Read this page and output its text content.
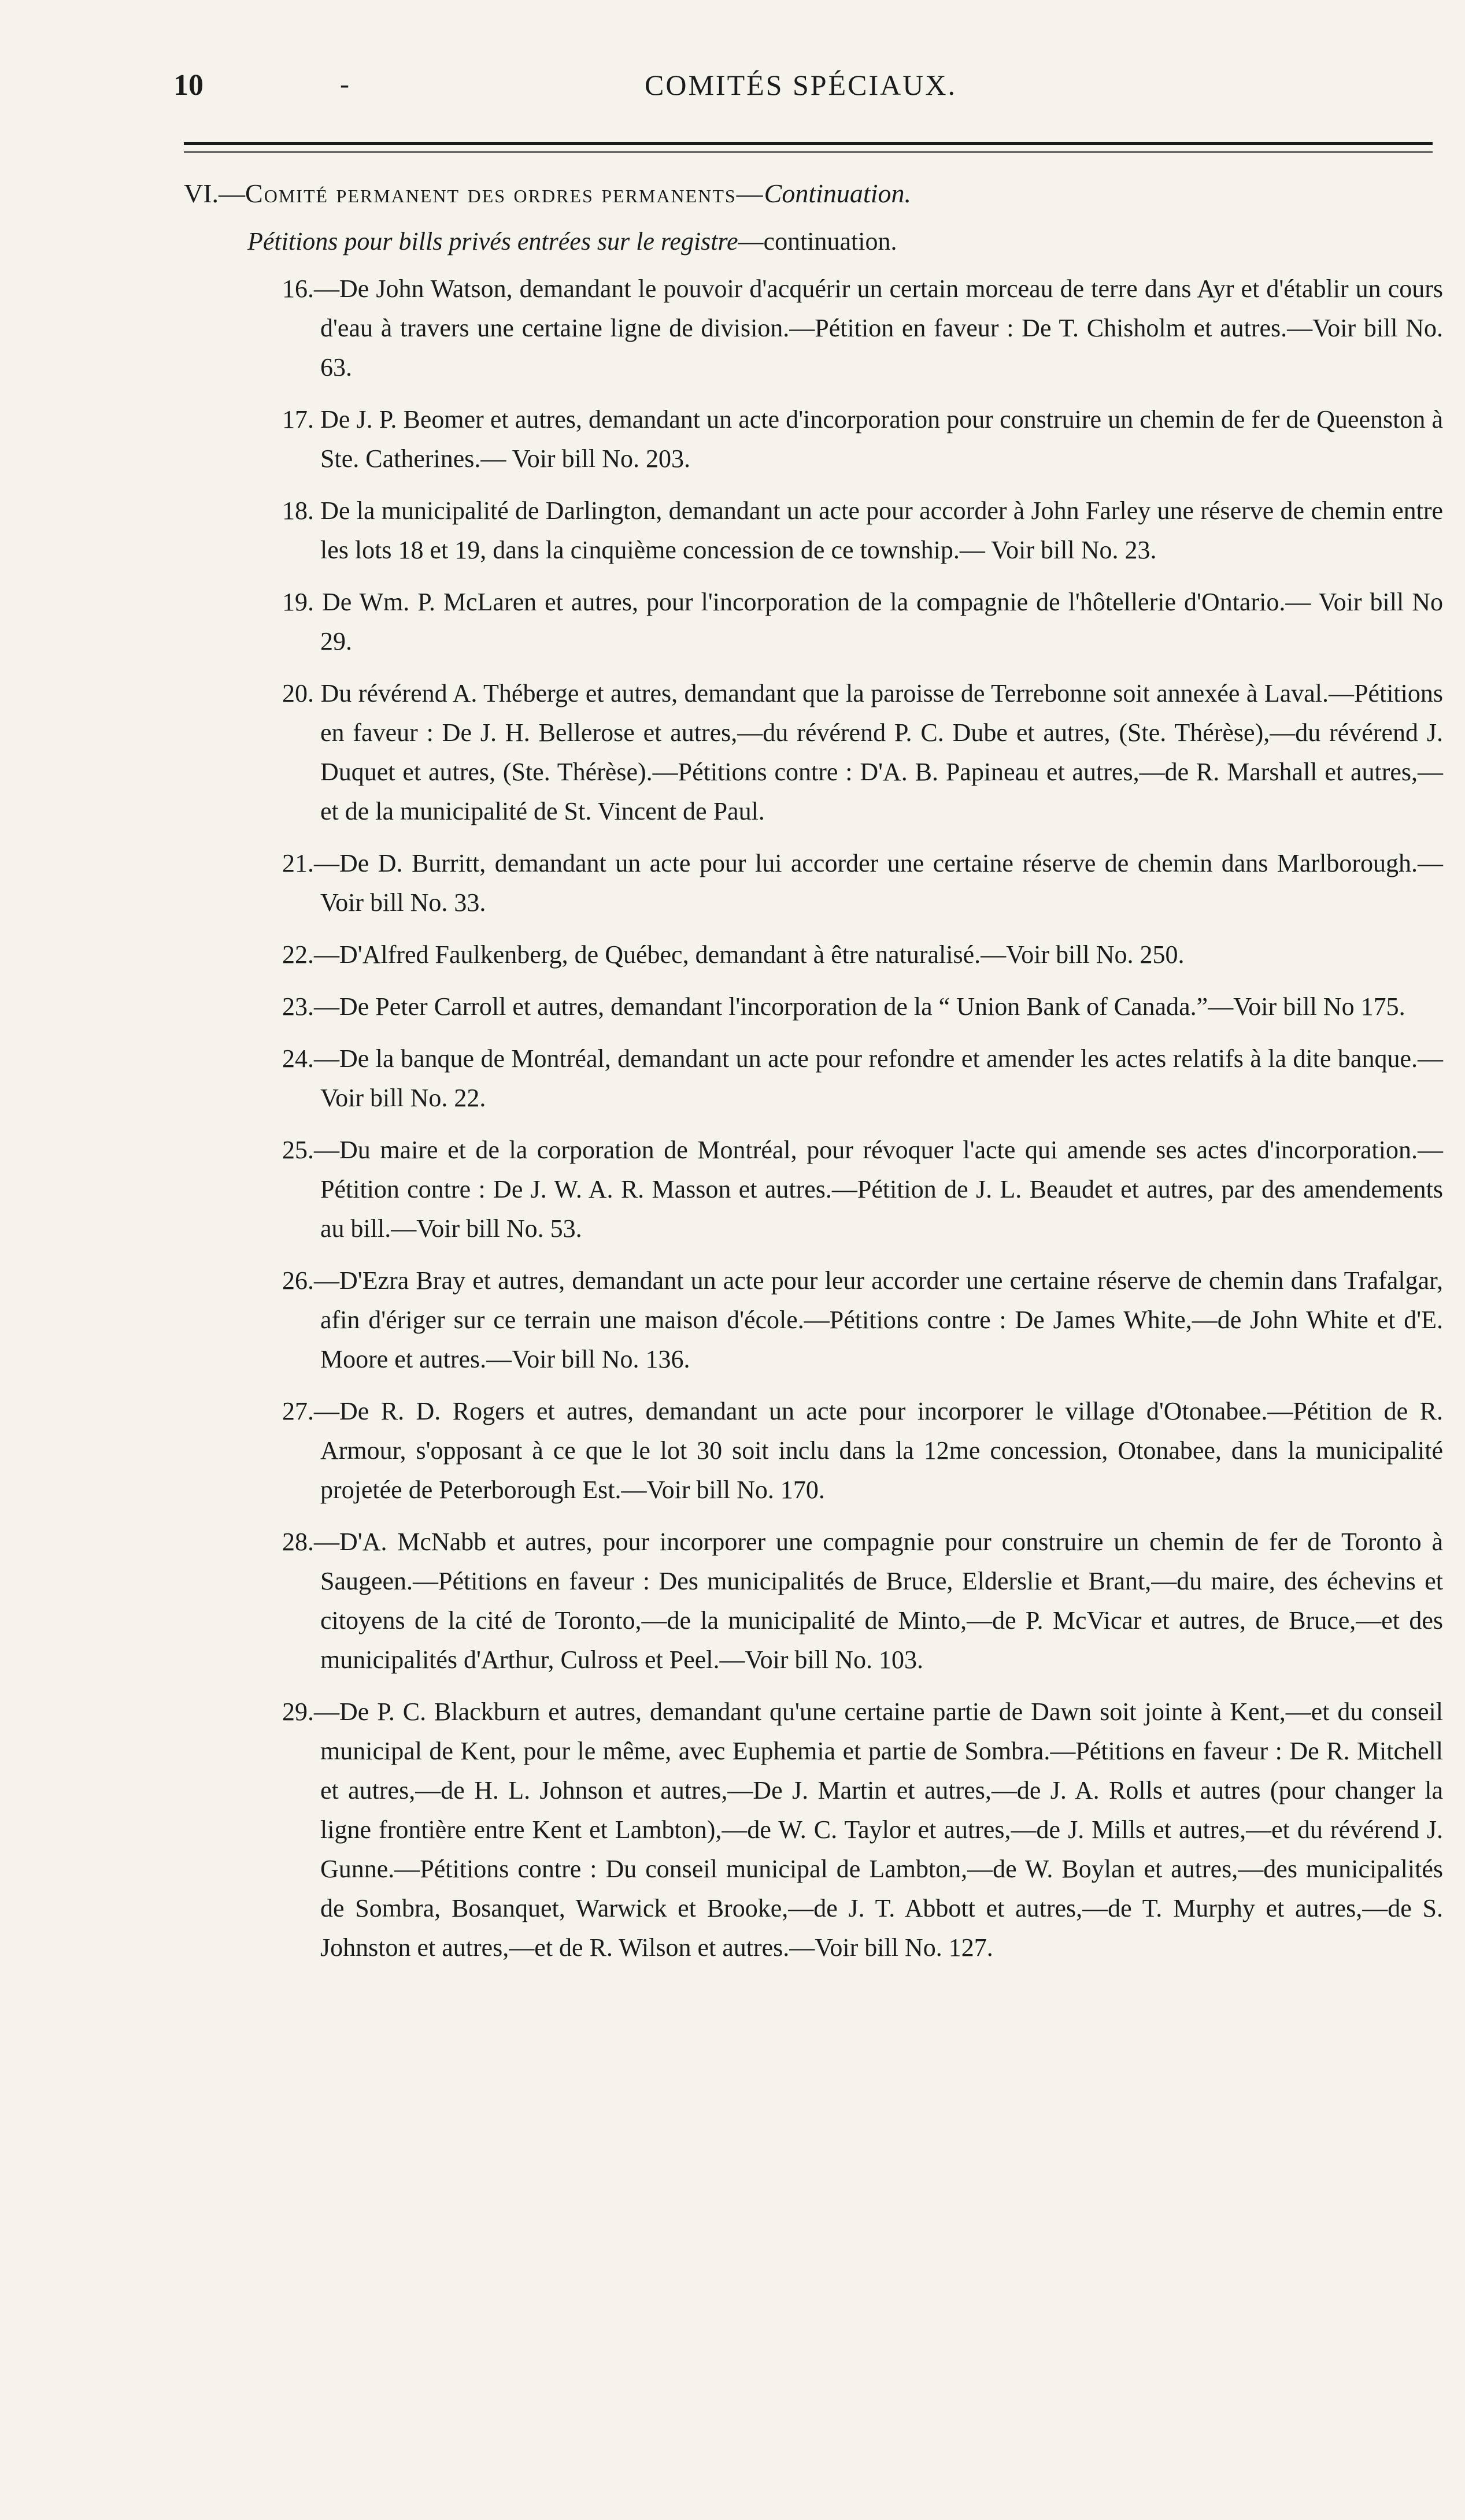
10	-	COMITÉS SPÉCIAUX.
VI.—Comité permanent des ordres permanents—Continuation.
Pétitions pour bills privés entrées sur le registre—continuation.

16.—De John Watson, demandant le pouvoir d'acquérir un certain morceau de terre dans Ayr et d'établir un cours d'eau à travers une certaine ligne de division.—Pétition en faveur : De T. Chisholm et autres.—Voir bill No. 63.

17. De J. P. Beomer et autres, demandant un acte d'incorporation pour construire un chemin de fer de Queenston à Ste. Catherines.— Voir bill No. 203.

18. De la municipalité de Darlington, demandant un acte pour accorder à John Farley une réserve de chemin entre les lots 18 et 19, dans la cinquième concession de ce township.— Voir bill No. 23.

19. De Wm. P. McLaren et autres, pour l'incorporation de la compagnie de l'hôtellerie d'Ontario.— Voir bill No 29.

20. Du révérend A. Théberge et autres, demandant que la paroisse de Terrebonne soit annexée à Laval.—Pétitions en faveur : De J. H. Bellerose et autres,—du révérend P. C. Dube et autres, (Ste. Thérèse),—du révérend J. Duquet et autres, (Ste. Thérèse).—Pétitions contre : D'A. B. Papineau et autres,—de R. Marshall et autres,—et de la municipalité de St. Vincent de Paul.

21.—De D. Burritt, demandant un acte pour lui accorder une certaine réserve de chemin dans Marlborough.—Voir bill No. 33.

22.—D'Alfred Faulkenberg, de Québec, demandant à être naturalisé.—Voir bill No. 250.

23.—De Peter Carroll et autres, demandant l'incorporation de la “ Union Bank of Canada.”—Voir bill No 175.

24.—De la banque de Montréal, demandant un acte pour refondre et amender les actes relatifs à la dite banque.—Voir bill No. 22.

25.—Du maire et de la corporation de Montréal, pour révoquer l'acte qui amende ses actes d'incorporation.—Pétition contre : De J. W. A. R. Masson et autres.—Pétition de J. L. Beaudet et autres, par des amendements au bill.—Voir bill No. 53.

26.—D'Ezra Bray et autres, demandant un acte pour leur accorder une certaine réserve de chemin dans Trafalgar, afin d'ériger sur ce terrain une maison d'école.—Pétitions contre : De James White,—de John White et d'E. Moore et autres.—Voir bill No. 136.

27.—De R. D. Rogers et autres, demandant un acte pour incorporer le village d'Otonabee.—Pétition de R. Armour, s'opposant à ce que le lot 30 soit inclu dans la 12me concession, Otonabee, dans la municipalité projetée de Peterborough Est.—Voir bill No. 170.

28.—D'A. McNabb et autres, pour incorporer une compagnie pour construire un chemin de fer de Toronto à Saugeen.—Pétitions en faveur : Des municipalités de Bruce, Elderslie et Brant,—du maire, des échevins et citoyens de la cité de Toronto,—de la municipalité de Minto,—de P. McVicar et autres, de Bruce,—et des municipalités d'Arthur, Culross et Peel.—Voir bill No. 103.

29.—De P. C. Blackburn et autres, demandant qu'une certaine partie de Dawn soit jointe à Kent,—et du conseil municipal de Kent, pour le même, avec Euphemia et partie de Sombra.—Pétitions en faveur : De R. Mitchell et autres,—de H. L. Johnson et autres,—De J. Martin et autres,—de J. A. Rolls et autres (pour changer la ligne frontière entre Kent et Lambton),—de W. C. Taylor et autres,—de J. Mills et autres,—et du révérend J. Gunne.—Pétitions contre : Du conseil municipal de Lambton,—de W. Boylan et autres,—des municipalités de Sombra, Bosanquet, Warwick et Brooke,—de J. T. Abbott et autres,—de T. Murphy et autres,—de S. Johnston et autres,—et de R. Wilson et autres.—Voir bill No. 127.
